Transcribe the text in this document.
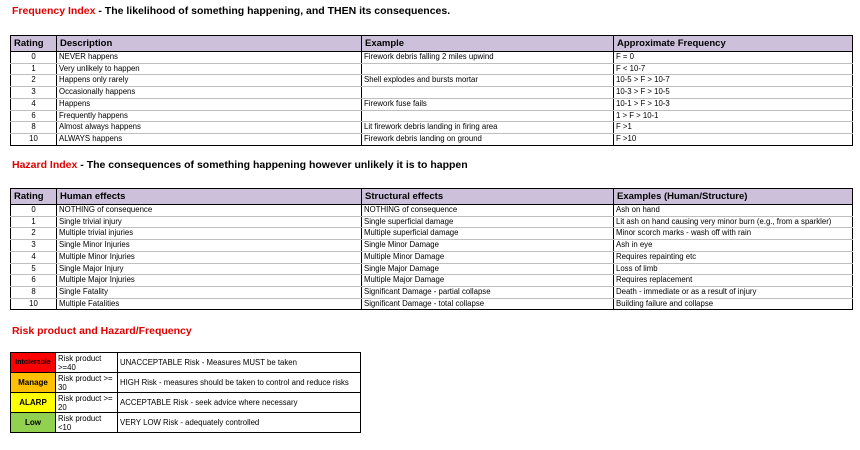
Frequency Index - The likelihood of something happening, and THEN its consequences.
Rating	Description	Example	Approximate Frequency
0	NEVER happens	Firework debris falling 2 miles upwind	F = 0
1	Very unlikely to happen		F < 10-7
2	Happens only rarely	Shell explodes and bursts mortar	10-5 > F > 10-7
3	Occasionally happens		10-3 > F > 10-5
4	Happens	Firework fuse fails	10-1 > F > 10-3
6	Frequently happens		1 > F > 10-1
8	Almost always happens	Lit firework debris landing in firing area	F >1
10	ALWAYS happens	Firework debris landing on ground	F >10
Hazard Index - The consequences of something happening however unlikely it is to happen
Rating	Human effects	Structural effects	Examples (Human/Structure)
0	NOTHING of consequence	NOTHING of consequence	Ash on hand
1	Single trivial injury	Single superficial damage	Lit ash on hand causing very minor burn (e.g., from a sparkler)
2	Multiple trivial injuries	Multiple superficial damage	Minor scorch marks - wash off with rain
3	Single Minor Injuries	Single Minor Damage	Ash in eye
4	Multiple Minor Injuries	Multiple Minor Damage	Requires repainting etc
5	Single Major Injury	Single Major Damage	Loss of limb
6	Multiple Major Injuries	Multiple Major Damage	Requires replacement
8	Single Fatality	Significant Damage - partial collapse	Death - immediate or as a result of injury
10	Multiple Fatalities	Significant Damage - total collapse	Building failure and collapse
Risk product and Hazard/Frequency
Intolerable	Risk product >=40	UNACCEPTABLE Risk - Measures MUST be taken
Manage	Risk product >= 30	HIGH Risk - measures should be taken to control and reduce risks
ALARP	Risk product >= 20	ACCEPTABLE Risk - seek advice where necessary
Low	Risk product <10	VERY LOW Risk - adequately controlled
